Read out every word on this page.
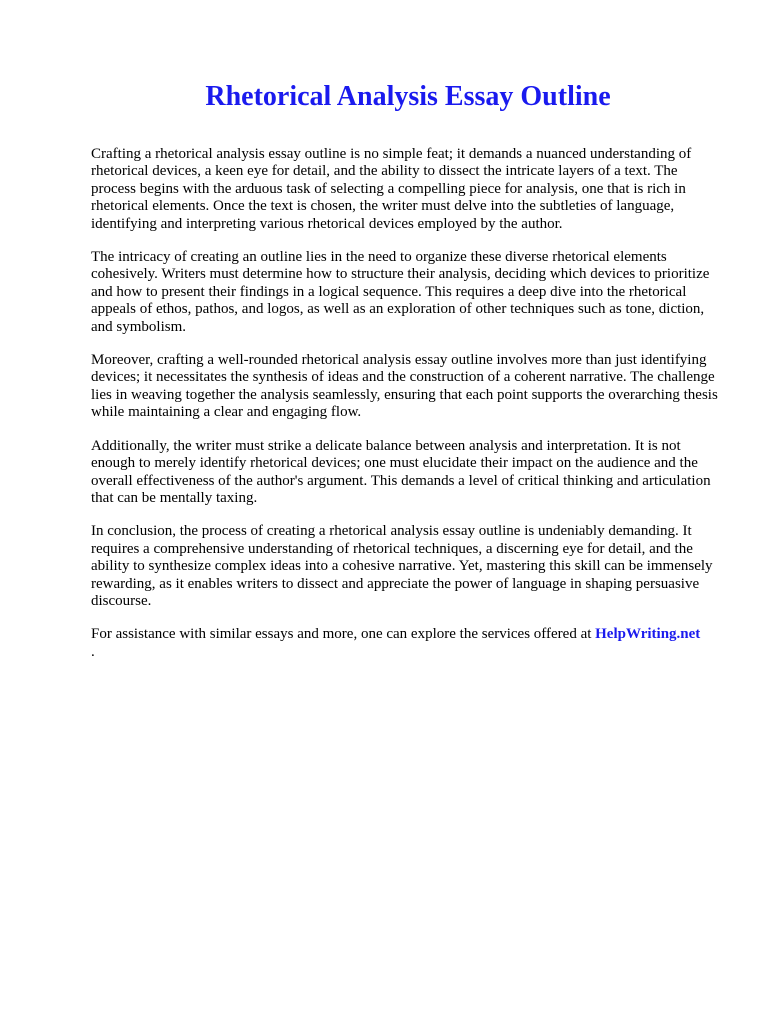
Rhetorical Analysis Essay Outline

Crafting a rhetorical analysis essay outline is no simple feat; it demands a nuanced understanding of rhetorical devices, a keen eye for detail, and the ability to dissect the intricate layers of a text. The process begins with the arduous task of selecting a compelling piece for analysis, one that is rich in rhetorical elements. Once the text is chosen, the writer must delve into the subtleties of language, identifying and interpreting various rhetorical devices employed by the author.

The intricacy of creating an outline lies in the need to organize these diverse rhetorical elements cohesively. Writers must determine how to structure their analysis, deciding which devices to prioritize and how to present their findings in a logical sequence. This requires a deep dive into the rhetorical appeals of ethos, pathos, and logos, as well as an exploration of other techniques such as tone, diction, and symbolism.

Moreover, crafting a well-rounded rhetorical analysis essay outline involves more than just identifying devices; it necessitates the synthesis of ideas and the construction of a coherent narrative. The challenge lies in weaving together the analysis seamlessly, ensuring that each point supports the overarching thesis while maintaining a clear and engaging flow.

Additionally, the writer must strike a delicate balance between analysis and interpretation. It is not enough to merely identify rhetorical devices; one must elucidate their impact on the audience and the overall effectiveness of the author's argument. This demands a level of critical thinking and articulation that can be mentally taxing.

In conclusion, the process of creating a rhetorical analysis essay outline is undeniably demanding. It requires a comprehensive understanding of rhetorical techniques, a discerning eye for detail, and the ability to synthesize complex ideas into a cohesive narrative. Yet, mastering this skill can be immensely rewarding, as it enables writers to dissect and appreciate the power of language in shaping persuasive discourse.

For assistance with similar essays and more, one can explore the services offered at HelpWriting.net
.
